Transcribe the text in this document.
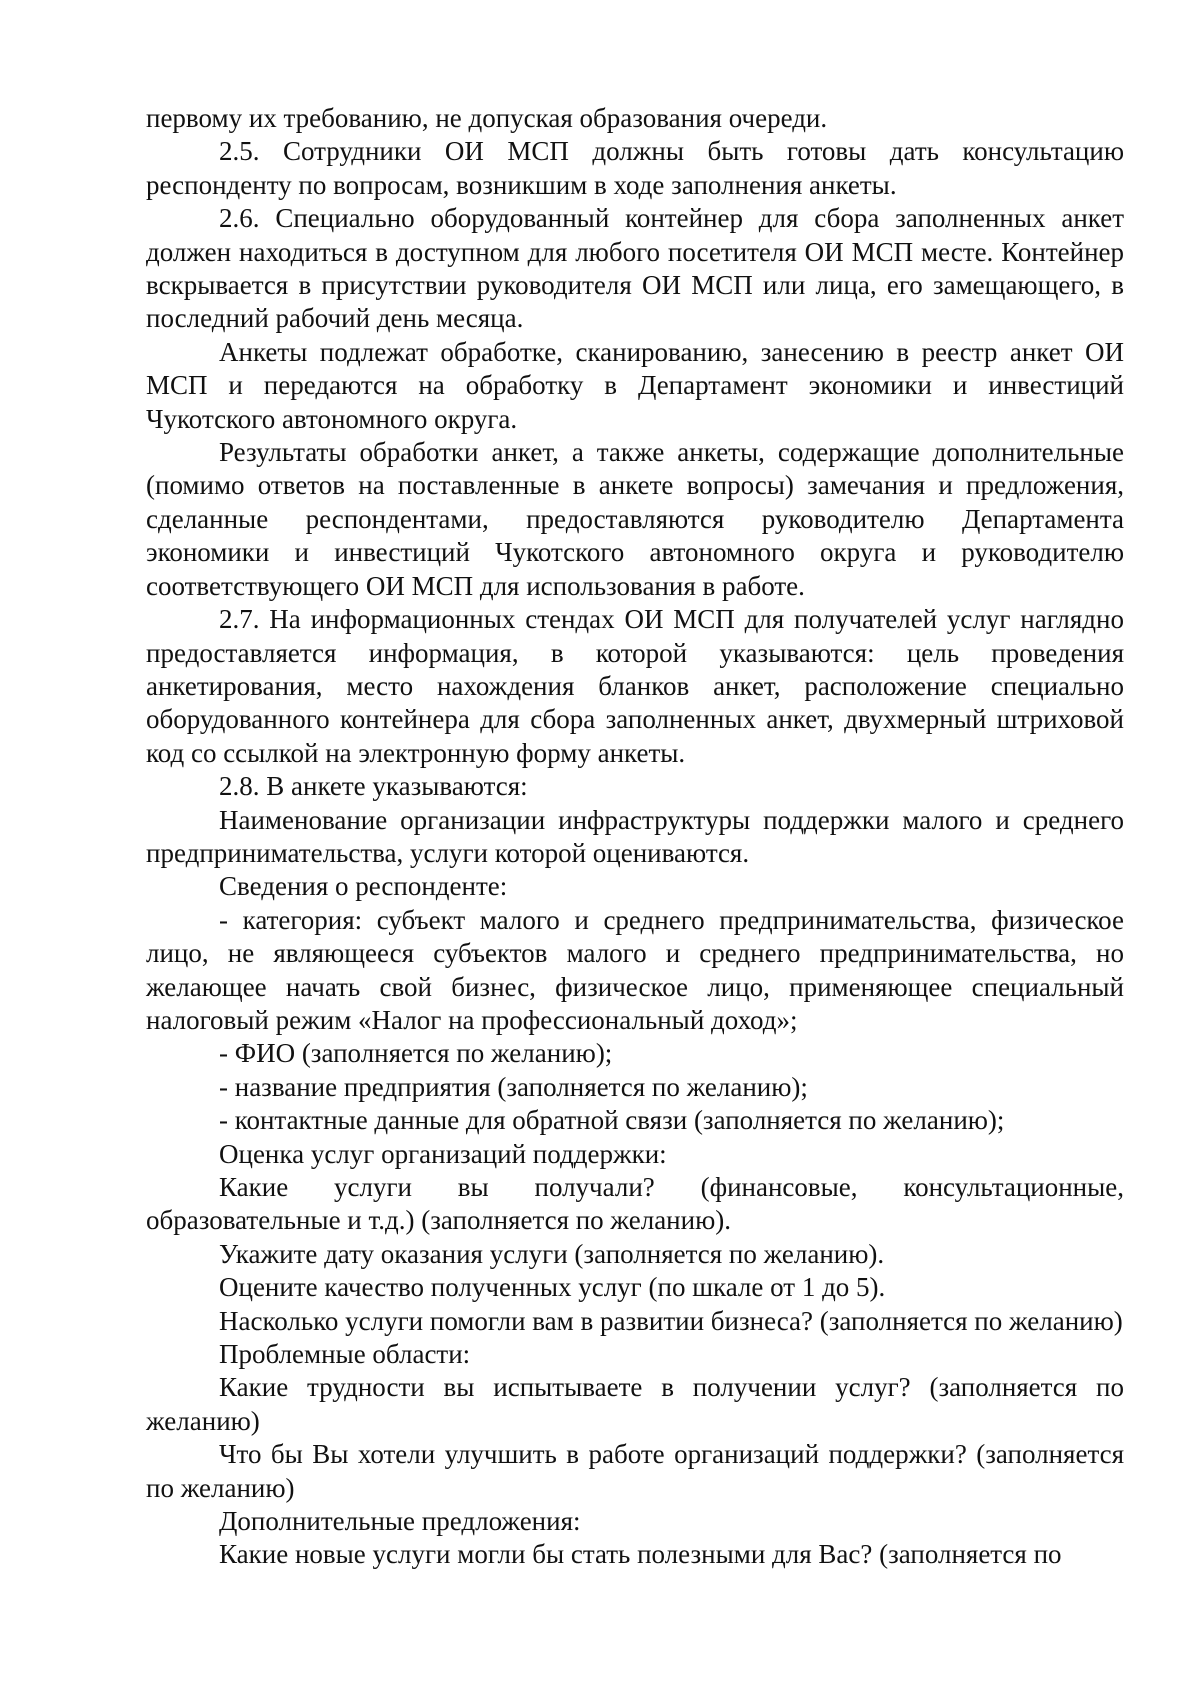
первому их требованию, не допуская образования очереди.

2.5. Сотрудники ОИ МСП должны быть готовы дать консультацию респонденту по вопросам, возникшим в ходе заполнения анкеты.

2.6. Специально оборудованный контейнер для сбора заполненных анкет должен находиться в доступном для любого посетителя ОИ МСП месте. Контейнер вскрывается в присутствии руководителя ОИ МСП или лица, его замещающего, в последний рабочий день месяца.

Анкеты подлежат обработке, сканированию, занесению в реестр анкет ОИ МСП и передаются на обработку в Департамент экономики и инвестиций Чукотского автономного округа.

Результаты обработки анкет, а также анкеты, содержащие дополнительные (помимо ответов на поставленные в анкете вопросы) замечания и предложения, сделанные респондентами, предоставляются руководителю Департамента экономики и инвестиций Чукотского автономного округа и руководителю соответствующего ОИ МСП для использования в работе.

2.7. На информационных стендах ОИ МСП для получателей услуг наглядно предоставляется информация, в которой указываются: цель проведения анкетирования, место нахождения бланков анкет, расположение специально оборудованного контейнера для сбора заполненных анкет, двухмерный штриховой код со ссылкой на электронную форму анкеты.

2.8. В анкете указываются:

Наименование организации инфраструктуры поддержки малого и среднего предпринимательства, услуги которой оцениваются.

Сведения о респонденте:

- категория: субъект малого и среднего предпринимательства, физическое лицо, не являющееся субъектов малого и среднего предпринимательства, но желающее начать свой бизнес, физическое лицо, применяющее специальный налоговый режим «Налог на профессиональный доход»;

- ФИО (заполняется по желанию);

- название предприятия (заполняется по желанию);

- контактные данные для обратной связи (заполняется по желанию);

Оценка услуг организаций поддержки:

Какие услуги вы получали? (финансовые, консультационные, образовательные и т.д.) (заполняется по желанию).

Укажите дату оказания услуги (заполняется по желанию).

Оцените качество полученных услуг (по шкале от 1 до 5).

Насколько услуги помогли вам в развитии бизнеса? (заполняется по желанию)

Проблемные области:

Какие трудности вы испытываете в получении услуг? (заполняется по желанию)

Что бы Вы хотели улучшить в работе организаций поддержки? (заполняется по желанию)

Дополнительные предложения:

Какие новые услуги могли бы стать полезными для Вас? (заполняется по
